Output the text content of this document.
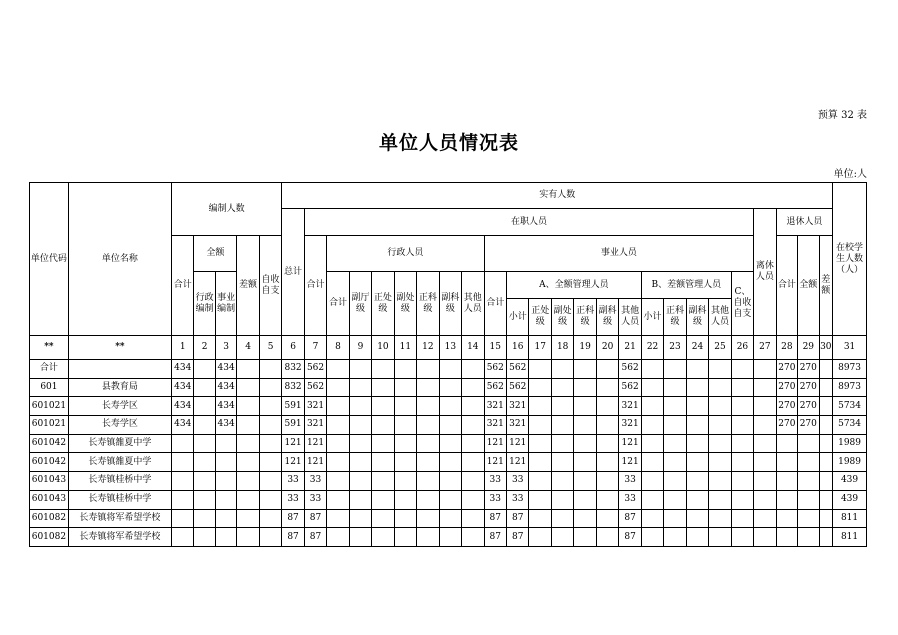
预算 32 表
单位人员情况表
单位:人
单位代码	单位名称	编制人数					实有人数																									在校学生人数（人）
							总计	在职人员																				离休人员	退休人员			
		合计	全额		差额	自收自支		合计	行政人员							事业人员													合计	全额	差额	
			行政编制	事业编制					合计	副厅级	正处级	副处级	正科级	副科级	其他人员	合计	A、全额管理人员						B、差额管理人员				C、自收自支					
																	小计	正处级	副处级	正科级	副科级	其他人员	小计	正科级	副科级	其他人员						

**	**	1	2	3	4	5	6	7	8	9	10	11	12	13	14	15	16	17	18	19	20	21	22	23	24	25	26	27	28	29	30	31
合计		434		434			832	562								562	562					562							270	270		8973
601	县教育局	434		434			832	562								562	562					562							270	270		8973
601021	长寿学区	434		434			591	321								321	321					321							270	270		5734
601021	长寿学区	434		434			591	321								321	321					321							270	270		5734
601042	长寿镇雒夏中学						121	121								121	121					121										1989
601042	长寿镇雒夏中学						121	121								121	121					121										1989
601043	长寿镇桂桥中学						33	33								33	33					33										439
601043	长寿镇桂桥中学						33	33								33	33					33										439
601082	长寿镇将军希望学校						87	87								87	87					87										811
601082	长寿镇将军希望学校						87	87								87	87					87										811
